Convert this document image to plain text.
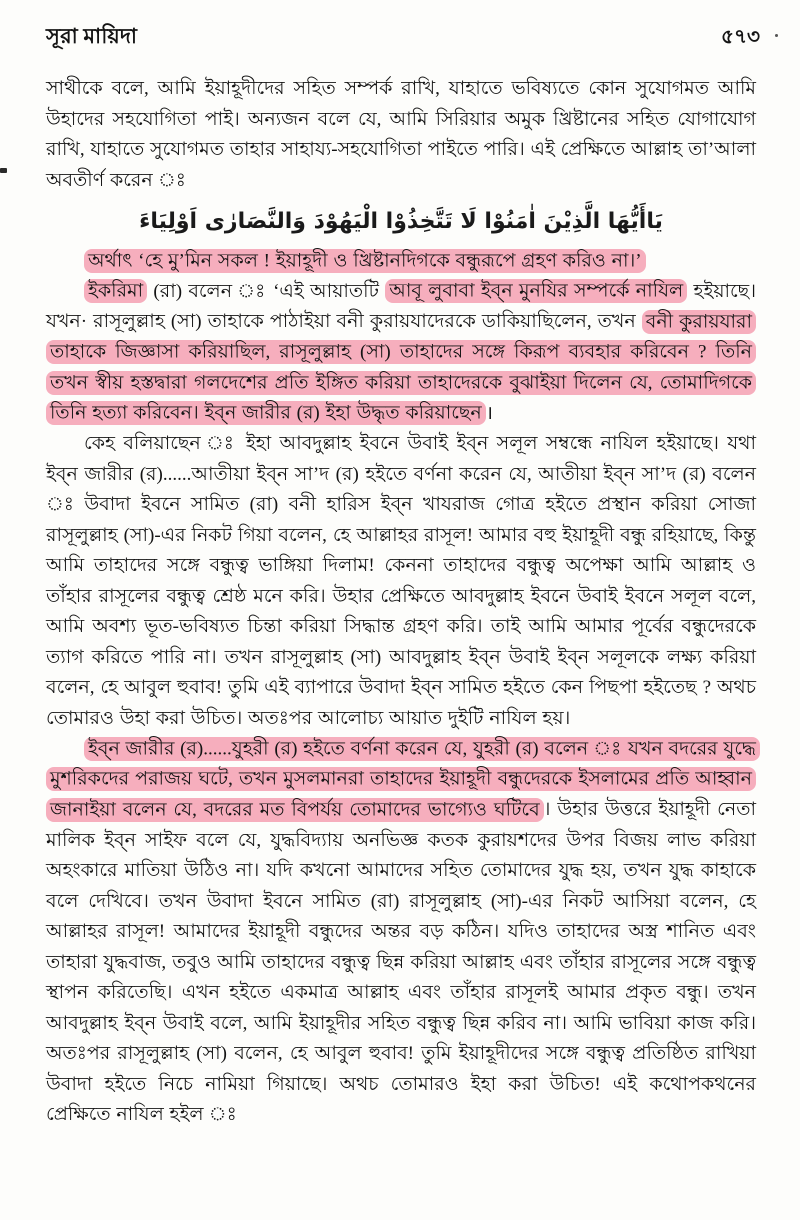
সূরা মায়িদা	৫৭৩

সাথীকে বলে, আমি ইয়াহূদীদের সহিত সম্পর্ক রাখি, যাহাতে ভবিষ্যতে কোন সুযোগমত আমি উহাদের সহযোগিতা পাই। অন্যজন বলে যে, আমি সিরিয়ার অমুক খ্রিষ্টানের সহিত যোগাযোগ রাখি, যাহাতে সুযোগমত তাহার সাহায্য-সহযোগিতা পাইতে পারি। এই প্রেক্ষিতে আল্লাহ তা’আলা অবতীর্ণ করেন ঃ

يَاأَيُّهَا الَّذِيْنَ اٰمَنُوْا لَا تَتَّخِذُوْا الْيَهُوْدَ وَالنَّصَارٰى اَوْلِيَاءَ

অর্থাৎ ‘হে মু’মিন সকল ! ইয়াহূদী ও খ্রিষ্টানদিগকে বন্ধুরূপে গ্রহণ করিও না।’

ইকরিমা (রা) বলেন ঃ ‘এই আয়াতটি আবূ লুবাবা ইব্‌ন মুনযির সম্পর্কে নাযিল হইয়াছে। যখন· রাসূলুল্লাহ (সা) তাহাকে পাঠাইয়া বনী কুরায়যাদেরকে ডাকিয়াছিলেন, তখন বনী কুরায়যারা তাহাকে জিজ্ঞাসা করিয়াছিল, রাসূলুল্লাহ (সা) তাহাদের সঙ্গে কিরূপ ব্যবহার করিবেন ? তিনি তখন স্বীয় হস্তদ্বারা গলদেশের প্রতি ইঙ্গিত করিয়া তাহাদেরকে বুঝাইয়া দিলেন যে, তোমাদিগকে তিনি হত্যা করিবেন। ইব্‌ন জারীর (র) ইহা উদ্ধৃত করিয়াছেন ।

কেহ বলিয়াছেন ঃ ইহা আবদুল্লাহ ইবনে উবাই ইব্‌ন সলূল সম্বন্ধে নাযিল হইয়াছে। যথা ইব্‌ন জারীর (র)......আতীয়া ইব্‌ন সা’দ (র) হইতে বর্ণনা করেন যে, আতীয়া ইব্‌ন সা’দ (র) বলেন ঃ উবাদা ইবনে সামিত (রা) বনী হারিস ইব্‌ন খাযরাজ গোত্র হইতে প্রস্থান করিয়া সোজা রাসূলুল্লাহ (সা)-এর নিকট গিয়া বলেন, হে আল্লাহর রাসূল! আমার বহু ইয়াহূদী বন্ধু রহিয়াছে, কিন্তু আমি তাহাদের সঙ্গে বন্ধুত্ব ভাঙ্গিয়া দিলাম! কেননা তাহাদের বন্ধুত্ব অপেক্ষা আমি আল্লাহ ও তাঁহার রাসূলের বন্ধুত্ব শ্রেষ্ঠ মনে করি। উহার প্রেক্ষিতে আবদুল্লাহ ইবনে উবাই ইবনে সলূল বলে, আমি অবশ্য ভূত-ভবিষ্যত চিন্তা করিয়া সিদ্ধান্ত গ্রহণ করি। তাই আমি আমার পূর্বের বন্ধুদেরকে ত্যাগ করিতে পারি না। তখন রাসূলুল্লাহ (সা) আবদুল্লাহ ইব্‌ন উবাই ইব্‌ন সলূলকে লক্ষ্য করিয়া বলেন, হে আবুল হুবাব! তুমি এই ব্যাপারে উবাদা ইব্‌ন সামিত হইতে কেন পিছপা হইতেছ ? অথচ তোমারও উহা করা উচিত। অতঃপর আলোচ্য আয়াত দুইটি নাযিল হয়।

ইব্‌ন জারীর (র)......যুহরী (র) হইতে বর্ণনা করেন যে, যুহরী (র) বলেন ঃ যখন বদরের যুদ্ধে মুশরিকদের পরাজয় ঘটে, তখন মুসলমানরা তাহাদের ইয়াহূদী বন্ধুদেরকে ইসলামের প্রতি আহ্বান জানাইয়া বলেন যে, বদরের মত বিপর্যয় তোমাদের ভাগ্যেও ঘটিবে । উহার উত্তরে ইয়াহূদী নেতা মালিক ইব্‌ন সাইফ বলে যে, যুদ্ধবিদ্যায় অনভিজ্ঞ কতক কুরায়শদের উপর বিজয় লাভ করিয়া অহংকারে মাতিয়া উঠিও না। যদি কখনো আমাদের সহিত তোমাদের যুদ্ধ হয়, তখন যুদ্ধ কাহাকে বলে দেখিবে। তখন উবাদা ইবনে সামিত (রা) রাসূলুল্লাহ (সা)-এর নিকট আসিয়া বলেন, হে আল্লাহর রাসূল! আমাদের ইয়াহূদী বন্ধুদের অন্তর বড় কঠিন। যদিও তাহাদের অস্ত্র শানিত এবং তাহারা যুদ্ধবাজ, তবুও আমি তাহাদের বন্ধুত্ব ছিন্ন করিয়া আল্লাহ এবং তাঁহার রাসূলের সঙ্গে বন্ধুত্ব স্থাপন করিতেছি। এখন হইতে একমাত্র আল্লাহ এবং তাঁহার রাসূলই আমার প্রকৃত বন্ধু। তখন আবদুল্লাহ ইব্‌ন উবাই বলে, আমি ইয়াহূদীর সহিত বন্ধুত্ব ছিন্ন করিব না। আমি ভাবিয়া কাজ করি। অতঃপর রাসূলুল্লাহ (সা) বলেন, হে আবুল হুবাব! তুমি ইয়াহূদীদের সঙ্গে বন্ধুত্ব প্রতিষ্ঠিত রাখিয়া উবাদা হইতে নিচে নামিয়া গিয়াছে। অথচ তোমারও ইহা করা উচিত! এই কথোপকথনের প্রেক্ষিতে নাযিল হইল ঃ
